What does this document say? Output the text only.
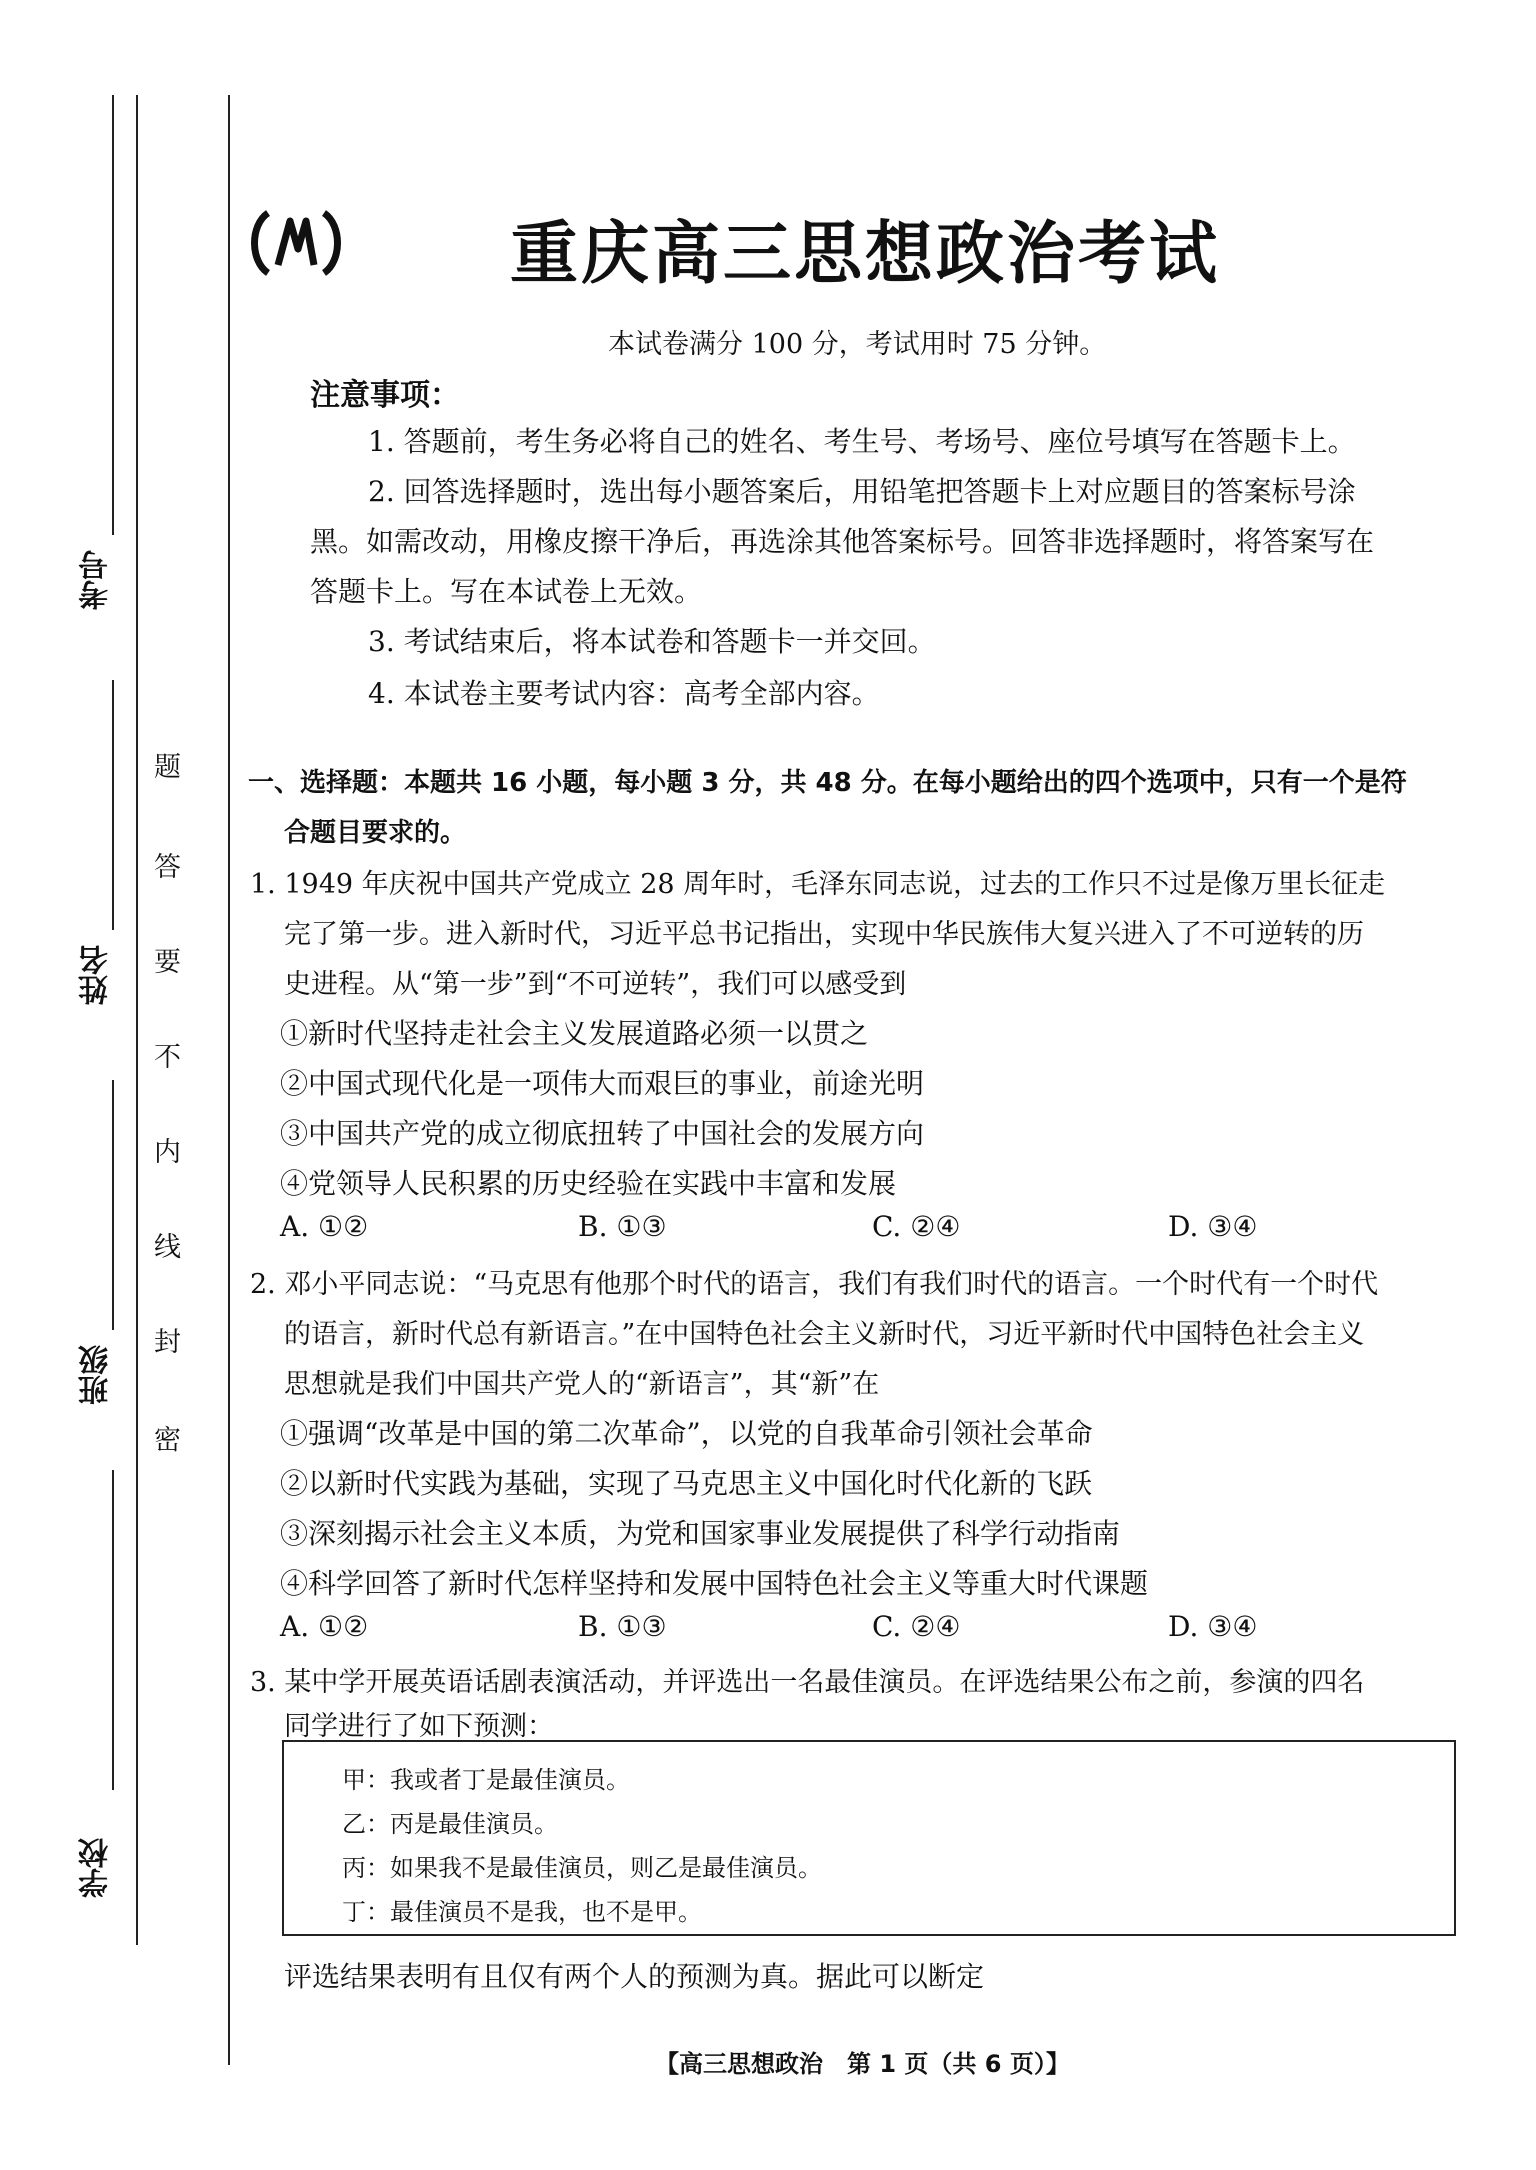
考号
姓名
班级
学校
题
答
要
不
内
线
封
密
重庆高三思想政治考试
本试卷满分 100 分，考试用时 75 分钟。
注意事项：
1. 答题前，考生务必将自己的姓名、考生号、考场号、座位号填写在答题卡上。
2. 回答选择题时，选出每小题答案后，用铅笔把答题卡上对应题目的答案标号涂
黑。如需改动，用橡皮擦干净后，再选涂其他答案标号。回答非选择题时，将答案写在
答题卡上。写在本试卷上无效。
3. 考试结束后，将本试卷和答题卡一并交回。
4. 本试卷主要考试内容：高考全部内容。
一、选择题：本题共 16 小题，每小题 3 分，共 48 分。在每小题给出的四个选项中，只有一个是符
合题目要求的。
1. 1949 年庆祝中国共产党成立 28 周年时，毛泽东同志说，过去的工作只不过是像万里长征走
完了第一步。进入新时代，习近平总书记指出，实现中华民族伟大复兴进入了不可逆转的历
史进程。从“第一步”到“不可逆转”，我们可以感受到
①新时代坚持走社会主义发展道路必须一以贯之
②中国式现代化是一项伟大而艰巨的事业，前途光明
③中国共产党的成立彻底扭转了中国社会的发展方向
④党领导人民积累的历史经验在实践中丰富和发展
A. ①②	B. ①③	C. ②④	D. ③④
2. 邓小平同志说：“马克思有他那个时代的语言，我们有我们时代的语言。一个时代有一个时代
的语言，新时代总有新语言。”在中国特色社会主义新时代，习近平新时代中国特色社会主义
思想就是我们中国共产党人的“新语言”，其“新”在
①强调“改革是中国的第二次革命”，以党的自我革命引领社会革命
②以新时代实践为基础，实现了马克思主义中国化时代化新的飞跃
③深刻揭示社会主义本质，为党和国家事业发展提供了科学行动指南
④科学回答了新时代怎样坚持和发展中国特色社会主义等重大时代课题
A. ①②	B. ①③	C. ②④	D. ③④
3. 某中学开展英语话剧表演活动，并评选出一名最佳演员。在评选结果公布之前，参演的四名
同学进行了如下预测：
甲：我或者丁是最佳演员。
乙：丙是最佳演员。
丙：如果我不是最佳演员，则乙是最佳演员。
丁：最佳演员不是我，也不是甲。
评选结果表明有且仅有两个人的预测为真。据此可以断定
【高三思想政治　第 1 页（共 6 页）】
